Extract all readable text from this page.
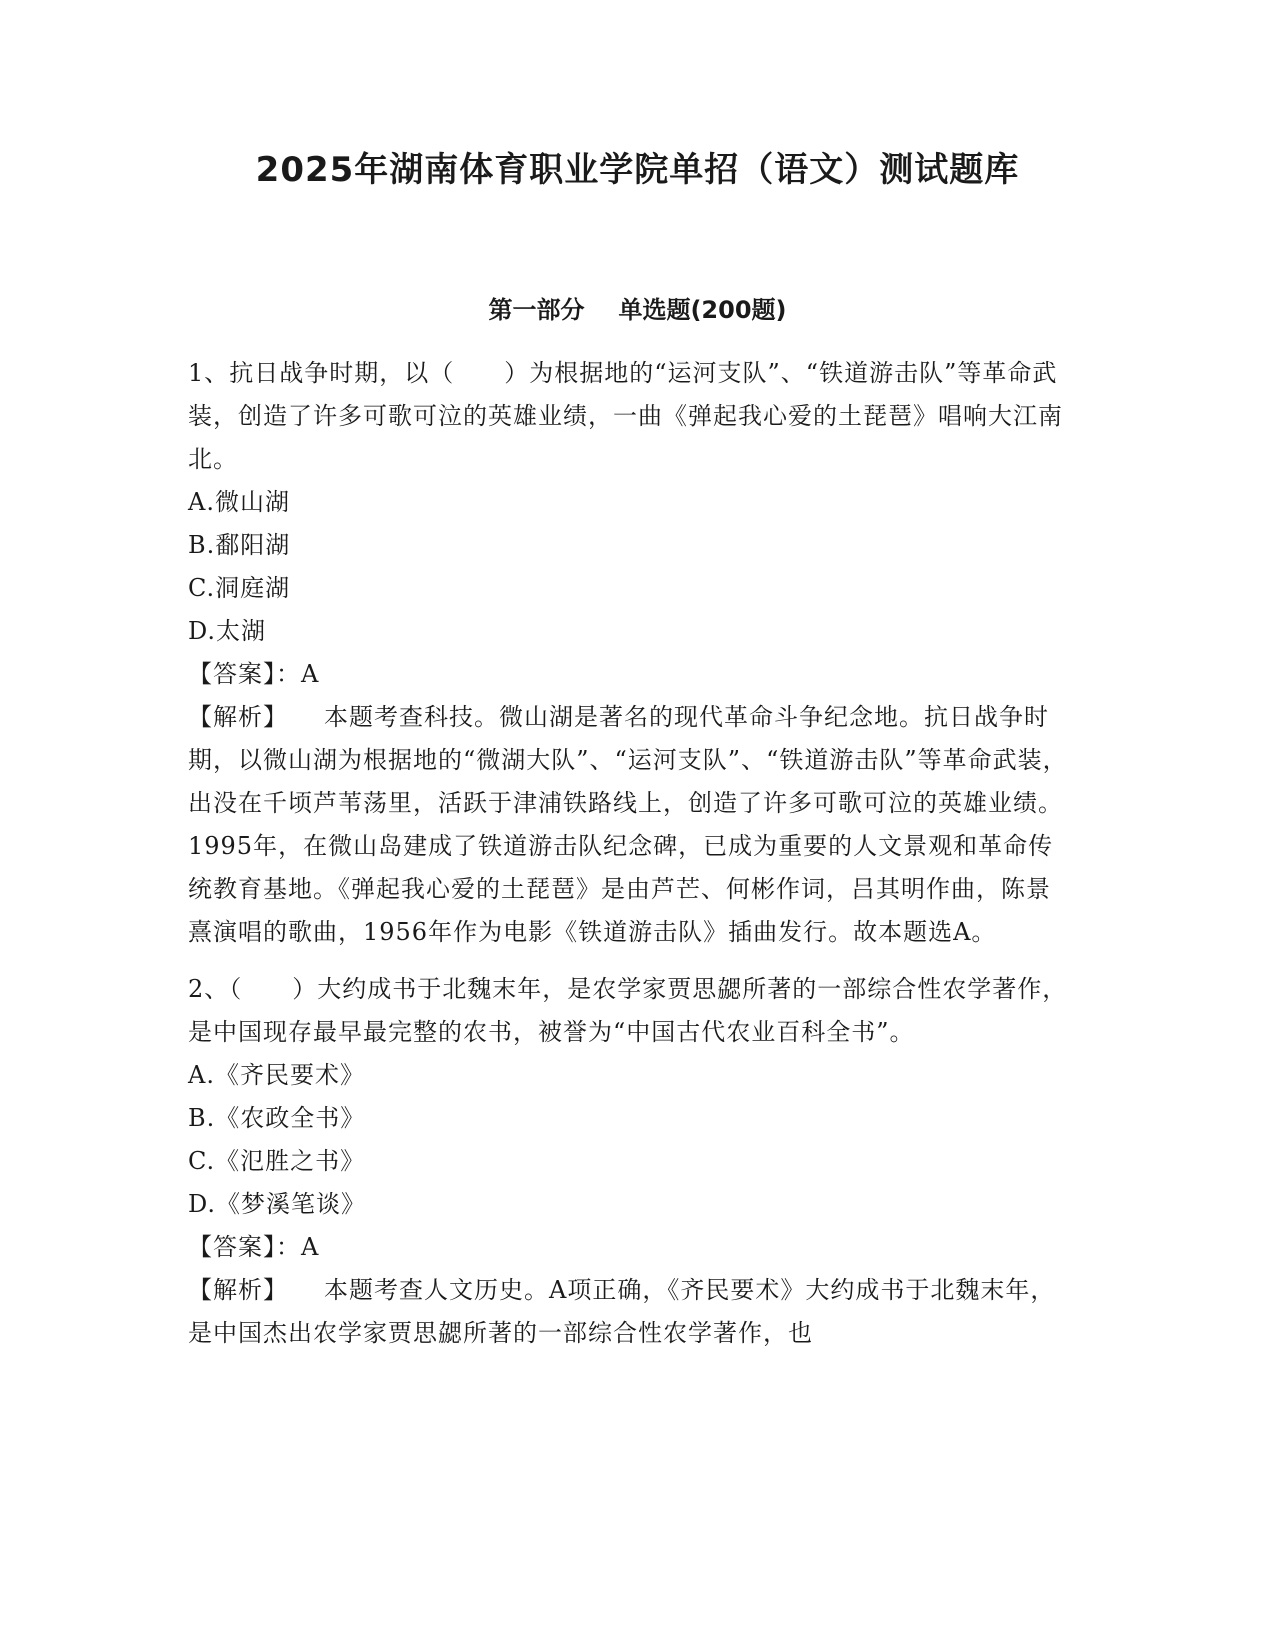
2025年湖南体育职业学院单招（语文）测试题库
第一部分 单选题(200题)

1、抗日战争时期，以（　　）为根据地的“运河支队”、“铁道游击队”等革命武装，创造了许多可歌可泣的英雄业绩，一曲《弹起我心爱的土琵琶》唱响大江南北。

A.微山湖

B.鄱阳湖

C.洞庭湖

D.太湖

【答案】：A

【解析】 本题考查科技。微山湖是著名的现代革命斗争纪念地。抗日战争时期，以微山湖为根据地的“微湖大队”、“运河支队”、“铁道游击队”等革命武装，出没在千顷芦苇荡里，活跃于津浦铁路线上，创造了许多可歌可泣的英雄业绩。1995年，在微山岛建成了铁道游击队纪念碑，已成为重要的人文景观和革命传统教育基地。《弹起我心爱的土琵琶》是由芦芒、何彬作词，吕其明作曲，陈景熹演唱的歌曲，1956年作为电影《铁道游击队》插曲发行。故本题选A。

2、（　　）大约成书于北魏末年，是农学家贾思勰所著的一部综合性农学著作，是中国现存最早最完整的农书，被誉为“中国古代农业百科全书”。

A.《齐民要术》

B.《农政全书》

C.《氾胜之书》

D.《梦溪笔谈》

【答案】：A

【解析】 本题考查人文历史。A项正确，《齐民要术》大约成书于北魏末年，是中国杰出农学家贾思勰所著的一部综合性农学著作，也
